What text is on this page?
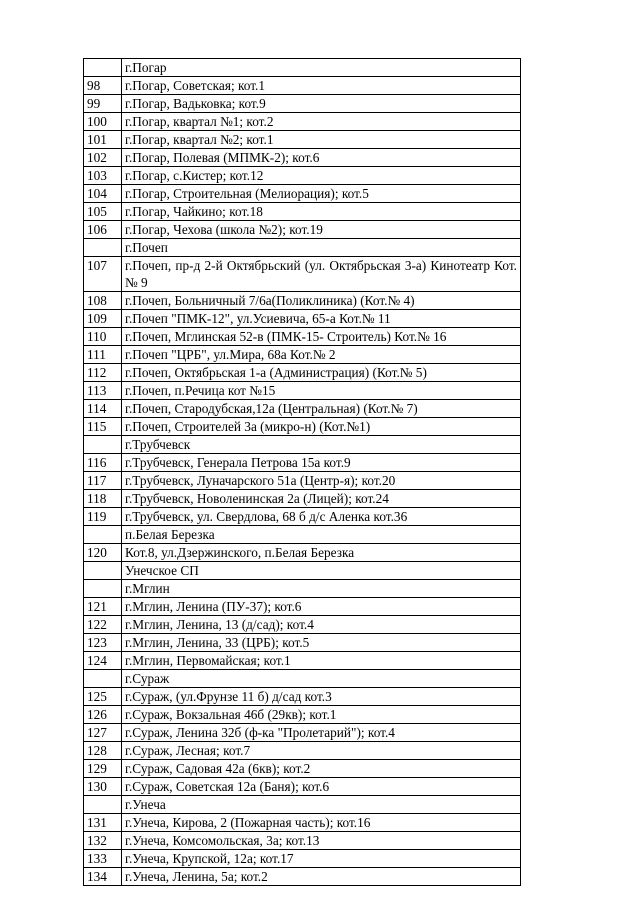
	г.Погар
98	г.Погар, Советская; кот.1
99	г.Погар, Вадьковка; кот.9
100	г.Погар, квартал №1; кот.2
101	г.Погар, квартал №2; кот.1
102	г.Погар, Полевая (МПМК-2); кот.6
103	г.Погар, с.Кистер; кот.12
104	г.Погар, Строительная (Мелиорация); кот.5
105	г.Погар, Чайкино; кот.18
106	г.Погар, Чехова (школа №2); кот.19
	г.Почеп
107	г.Почеп, пр-д 2-й Октябрьский (ул. Октябрьская 3-а) Кинотеатр Кот.№ 9
108	г.Почеп, Больничный 7/6а(Поликлиника) (Кот.№ 4)
109	г.Почеп "ПМК-12", ул.Усиевича, 65-а Кот.№ 11
110	г.Почеп, Мглинская 52-в (ПМК-15- Строитель) Кот.№ 16
111	г.Почеп "ЦРБ", ул.Мира, 68а Кот.№ 2
112	г.Почеп, Октябрьская 1-а (Администрация) (Кот.№ 5)
113	г.Почеп, п.Речица кот №15
114	г.Почеп, Стародубская,12а (Центральная) (Кот.№ 7)
115	г.Почеп, Строителей 3а (микро-н) (Кот.№1)
	г.Трубчевск
116	г.Трубчевск, Генерала Петрова 15а кот.9
117	г.Трубчевск, Луначарского 51а (Центр-я); кот.20
118	г.Трубчевск, Новоленинская 2а (Лицей); кот.24
119	г.Трубчевск, ул. Свердлова, 68 б д/с Аленка кот.36
	п.Белая Березка
120	Кот.8, ул.Дзержинского, п.Белая Березка
	Унечское СП
	г.Мглин
121	г.Мглин, Ленина (ПУ-37); кот.6
122	г.Мглин, Ленина, 13 (д/сад); кот.4
123	г.Мглин, Ленина, 33 (ЦРБ); кот.5
124	г.Мглин, Первомайская; кот.1
	г.Сураж
125	г.Сураж, (ул.Фрунзе 11 б) д/сад кот.3
126	г.Сураж, Вокзальная 46б (29кв); кот.1
127	г.Сураж, Ленина 32б (ф-ка "Пролетарий"); кот.4
128	г.Сураж, Лесная; кот.7
129	г.Сураж, Садовая 42а (6кв); кот.2
130	г.Сураж, Советская 12а (Баня); кот.6
	г.Унеча
131	г.Унеча, Кирова, 2 (Пожарная часть); кот.16
132	г.Унеча, Комсомольская, 3а; кот.13
133	г.Унеча, Крупской, 12а; кот.17
134	г.Унеча, Ленина, 5а; кот.2
